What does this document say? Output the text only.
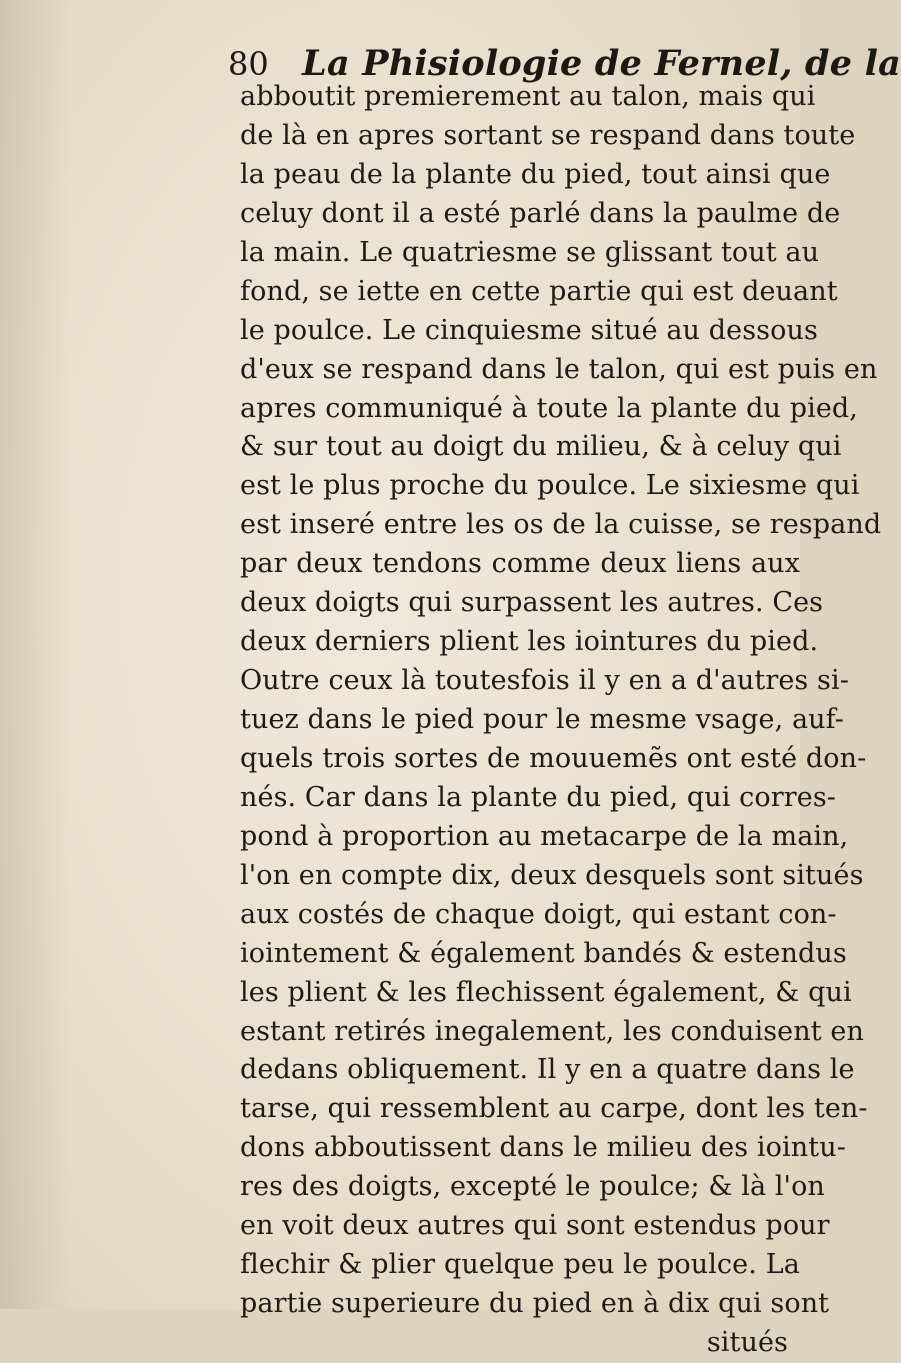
80 La Phisiologie de Fernel, de la
abboutit premierement au talon, mais qui
de là en apres sortant se respand dans toute
la peau de la plante du pied, tout ainsi que
celuy dont il a esté parlé dans la paulme de
la main. Le quatriesme se glissant tout au
fond, se iette en cette partie qui est deuant
le poulce. Le cinquiesme situé au dessous
d'eux se respand dans le talon, qui est puis en
apres communiqué à toute la plante du pied,
& sur tout au doigt du milieu, & à celuy qui
est le plus proche du poulce. Le sixiesme qui
est inseré entre les os de la cuisse, se respand
par deux tendons comme deux liens aux
deux doigts qui surpassent les autres. Ces
deux derniers plient les iointures du pied.
Outre ceux là toutesfois il y en a d'autres si-
tuez dans le pied pour le mesme vsage, auf-
quels trois sortes de mouuemẽs ont esté don-
nés. Car dans la plante du pied, qui corres-
pond à proportion au metacarpe de la main,
l'on en compte dix, deux desquels sont situés
aux costés de chaque doigt, qui estant con-
iointement & également bandés & estendus
les plient & les flechissent également, & qui
estant retirés inegalement, les conduisent en
dedans obliquement. Il y en a quatre dans le
tarse, qui ressemblent au carpe, dont les ten-
dons abboutissent dans le milieu des iointu-
res des doigts, excepté le poulce; & là l'on
en voit deux autres qui sont estendus pour
flechir & plier quelque peu le poulce. La
partie superieure du pied en à dix qui sont
situés
